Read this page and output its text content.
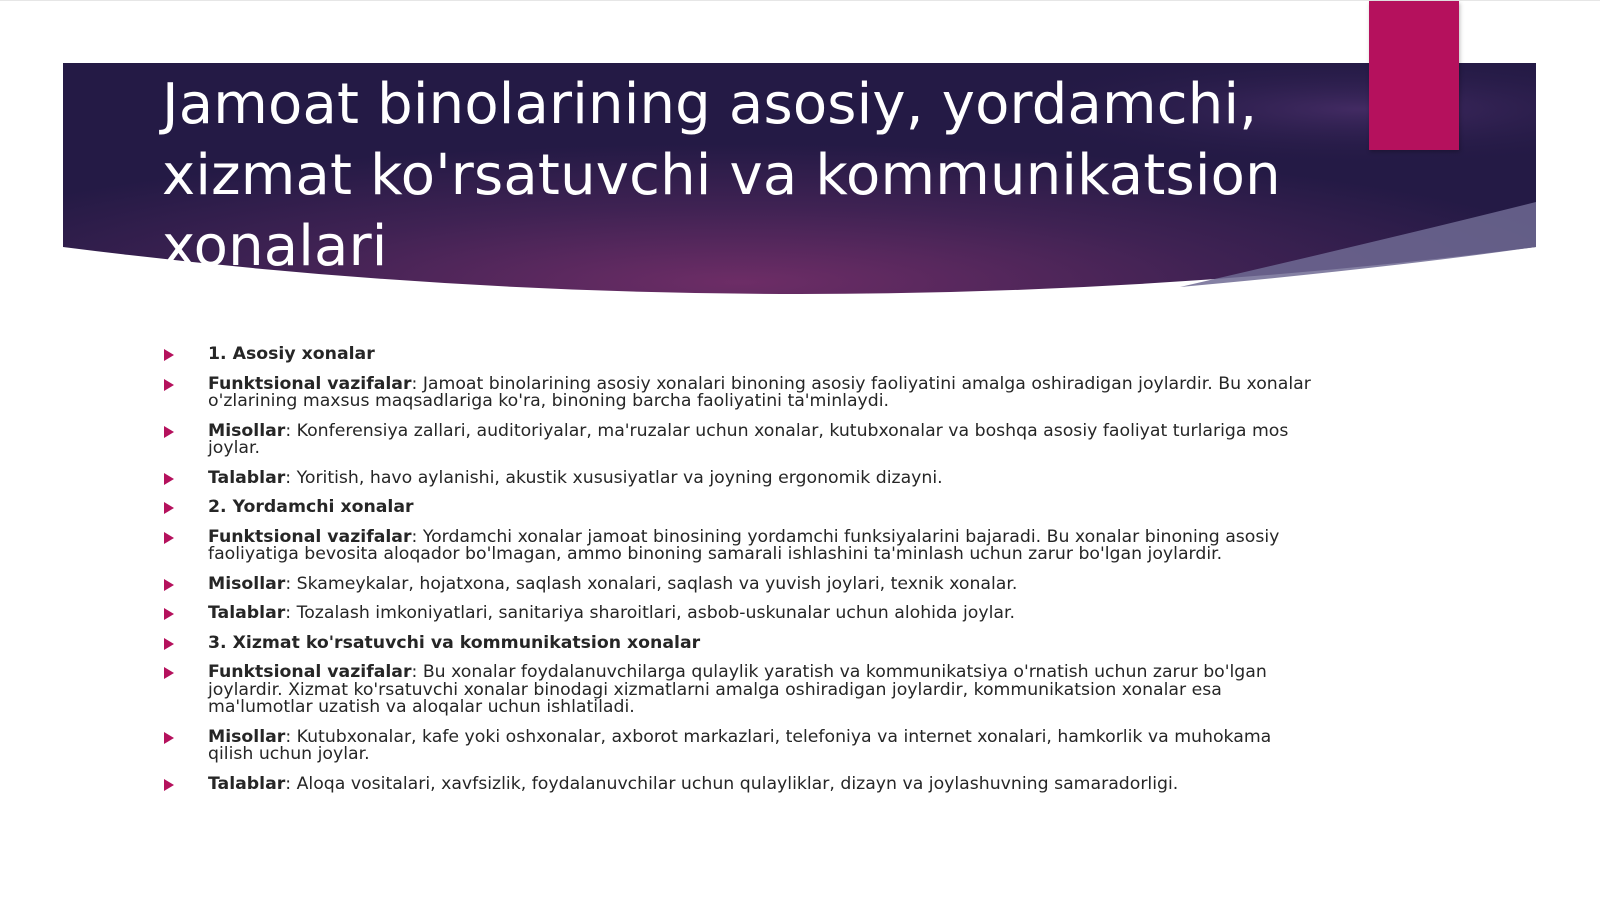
Jamoat binolarining asosiy, yordamchi, xizmat ko'rsatuvchi va kommunikatsion xonalari
1. Asosiy xonalar
Funktsional vazifalar: Jamoat binolarining asosiy xonalari binoning asosiy faoliyatini amalga oshiradigan joylardir. Bu xonalar o'zlarining maxsus maqsadlariga ko'ra, binoning barcha faoliyatini ta'minlaydi.
Misollar: Konferensiya zallari, auditoriyalar, ma'ruzalar uchun xonalar, kutubxonalar va boshqa asosiy faoliyat turlariga mos joylar.
Talablar: Yoritish, havo aylanishi, akustik xususiyatlar va joyning ergonomik dizayni.
2. Yordamchi xonalar
Funktsional vazifalar: Yordamchi xonalar jamoat binosining yordamchi funksiyalarini bajaradi. Bu xonalar binoning asosiy faoliyatiga bevosita aloqador bo'lmagan, ammo binoning samarali ishlashini ta'minlash uchun zarur bo'lgan joylardir.
Misollar: Skameykalar, hojatxona, saqlash xonalari, saqlash va yuvish joylari, texnik xonalar.
Talablar: Tozalash imkoniyatlari, sanitariya sharoitlari, asbob-uskunalar uchun alohida joylar.
3. Xizmat ko'rsatuvchi va kommunikatsion xonalar
Funktsional vazifalar: Bu xonalar foydalanuvchilarga qulaylik yaratish va kommunikatsiya o'rnatish uchun zarur bo'lgan joylardir. Xizmat ko'rsatuvchi xonalar binodagi xizmatlarni amalga oshiradigan joylardir, kommunikatsion xonalar esa ma'lumotlar uzatish va aloqalar uchun ishlatiladi.
Misollar: Kutubxonalar, kafe yoki oshxonalar, axborot markazlari, telefoniya va internet xonalari, hamkorlik va muhokama qilish uchun joylar.
Talablar: Aloqa vositalari, xavfsizlik, foydalanuvchilar uchun qulayliklar, dizayn va joylashuvning samaradorligi.
